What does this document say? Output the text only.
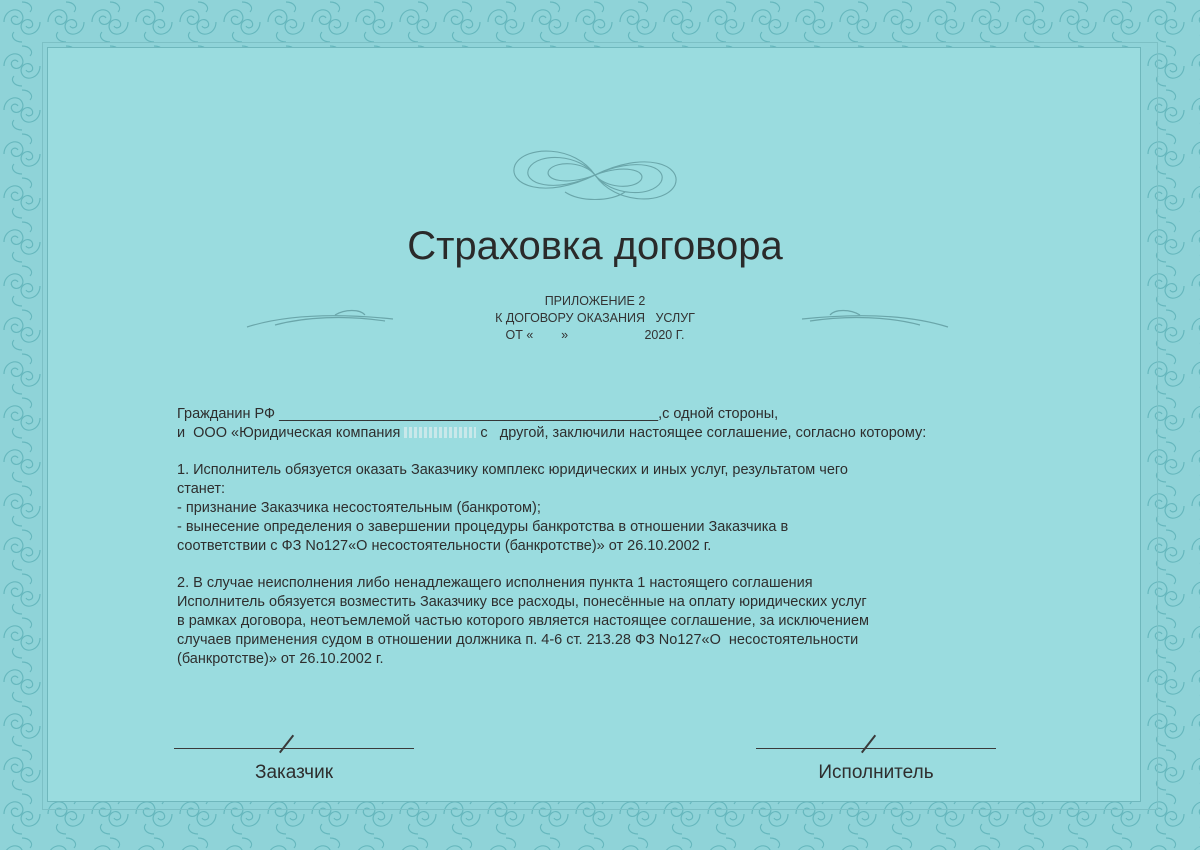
Страховка договора
ПРИЛОЖЕНИЕ 2
К ДОГОВОРУ ОКАЗАНИЯ   УСЛУГ
ОТ «        »                      2020 Г.
Гражданин РФ _______________________________________________,с одной стороны,
и  ООО «Юридическая компания	с   другой, заключили настоящее соглашение, согласно которому:
1. Исполнитель обязуется оказать Заказчику комплекс юридических и иных услуг, результатом чего
станет:
- признание Заказчика несостоятельным (банкротом);
- вынесение определения о завершении процедуры банкротства в отношении Заказчика в
соответствии с ФЗ No127«О несостоятельности (банкротстве)» от 26.10.2002 г.
2. В случае неисполнения либо ненадлежащего исполнения пункта 1 настоящего соглашения
Исполнитель обязуется возместить Заказчику все расходы, понесённые на оплату юридических услуг
в рамках договора, неотъемлемой частью которого является настоящее соглашение, за исключением
случаев применения судом в отношении должника п. 4-6 ст. 213.28 ФЗ No127«О  несостоятельности
(банкротстве)» от 26.10.2002 г.
Заказчик	Исполнитель
